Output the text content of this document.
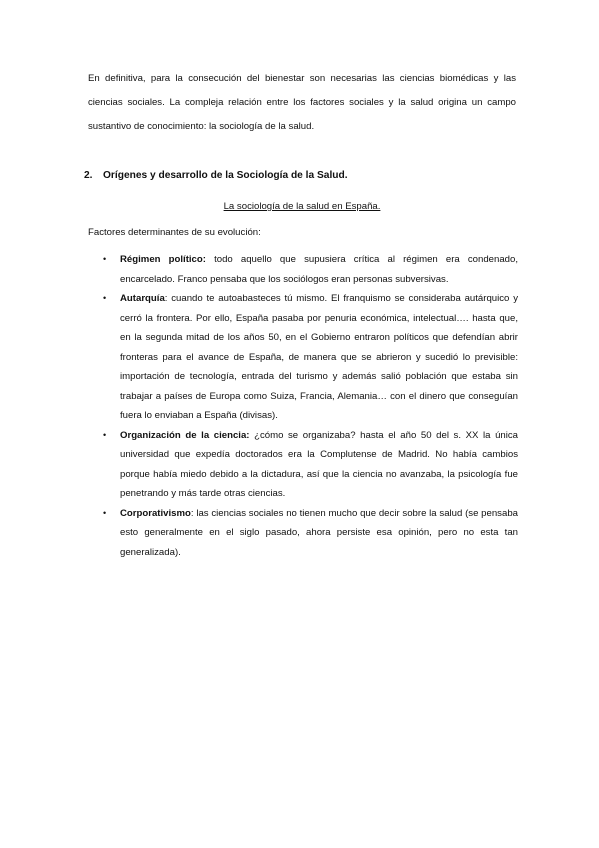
En definitiva, para la consecución del bienestar son necesarias las ciencias biomédicas y las ciencias sociales. La compleja relación entre los factores sociales y la salud origina un campo sustantivo de conocimiento: la sociología de la salud.

2. Orígenes y desarrollo de la Sociología de la Salud.

La sociología de la salud en España.

Factores determinantes de su evolución:

• Régimen político: todo aquello que supusiera crítica al régimen era condenado, encarcelado. Franco pensaba que los sociólogos eran personas subversivas.
• Autarquía: cuando te autoabasteces tú mismo. El franquismo se consideraba autárquico y cerró la frontera. Por ello, España pasaba por penuria económica, intelectual…. hasta que, en la segunda mitad de los años 50, en el Gobierno entraron políticos que defendían abrir fronteras para el avance de España, de manera que se abrieron y sucedió lo previsible: importación de tecnología, entrada del turismo y además salió población que estaba sin trabajar a países de Europa como Suiza, Francia, Alemania… con el dinero que conseguían fuera lo enviaban a España (divisas).
• Organización de la ciencia: ¿cómo se organizaba? hasta el año 50 del s. XX la única universidad que expedía doctorados era la Complutense de Madrid. No había cambios porque había miedo debido a la dictadura, así que la ciencia no avanzaba, la psicología fue penetrando y más tarde otras ciencias.
• Corporativismo: las ciencias sociales no tienen mucho que decir sobre la salud (se pensaba esto generalmente en el siglo pasado, ahora persiste esa opinión, pero no esta tan generalizada).
